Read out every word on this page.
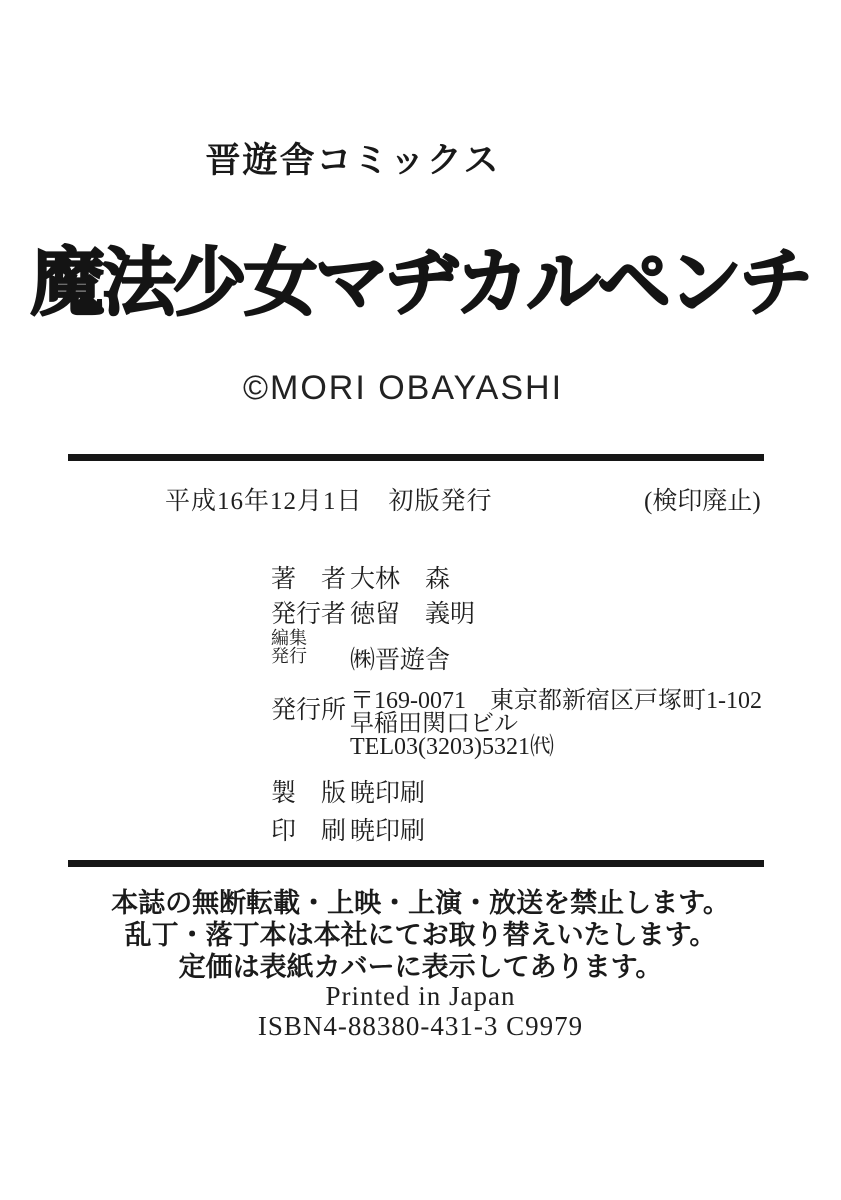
晋遊舎コミックス
魔法少女マヂカルペンチ
©MORI OBAYASHI
平成16年12月1日　初版発行	(検印廃止)
著　者 大林　森
発行者 徳留　義明
編集
発行 ㈱晋遊舎
発行所 〒169-0071　東京都新宿区戸塚町1-102
早稲田関口ビル
TEL03(3203)5321㈹
製　版 暁印刷
印　刷 暁印刷
本誌の無断転載・上映・上演・放送を禁止します。
乱丁・落丁本は本社にてお取り替えいたします。
定価は表紙カバーに表示してあります。
Printed in Japan
ISBN4-88380-431-3 C9979
